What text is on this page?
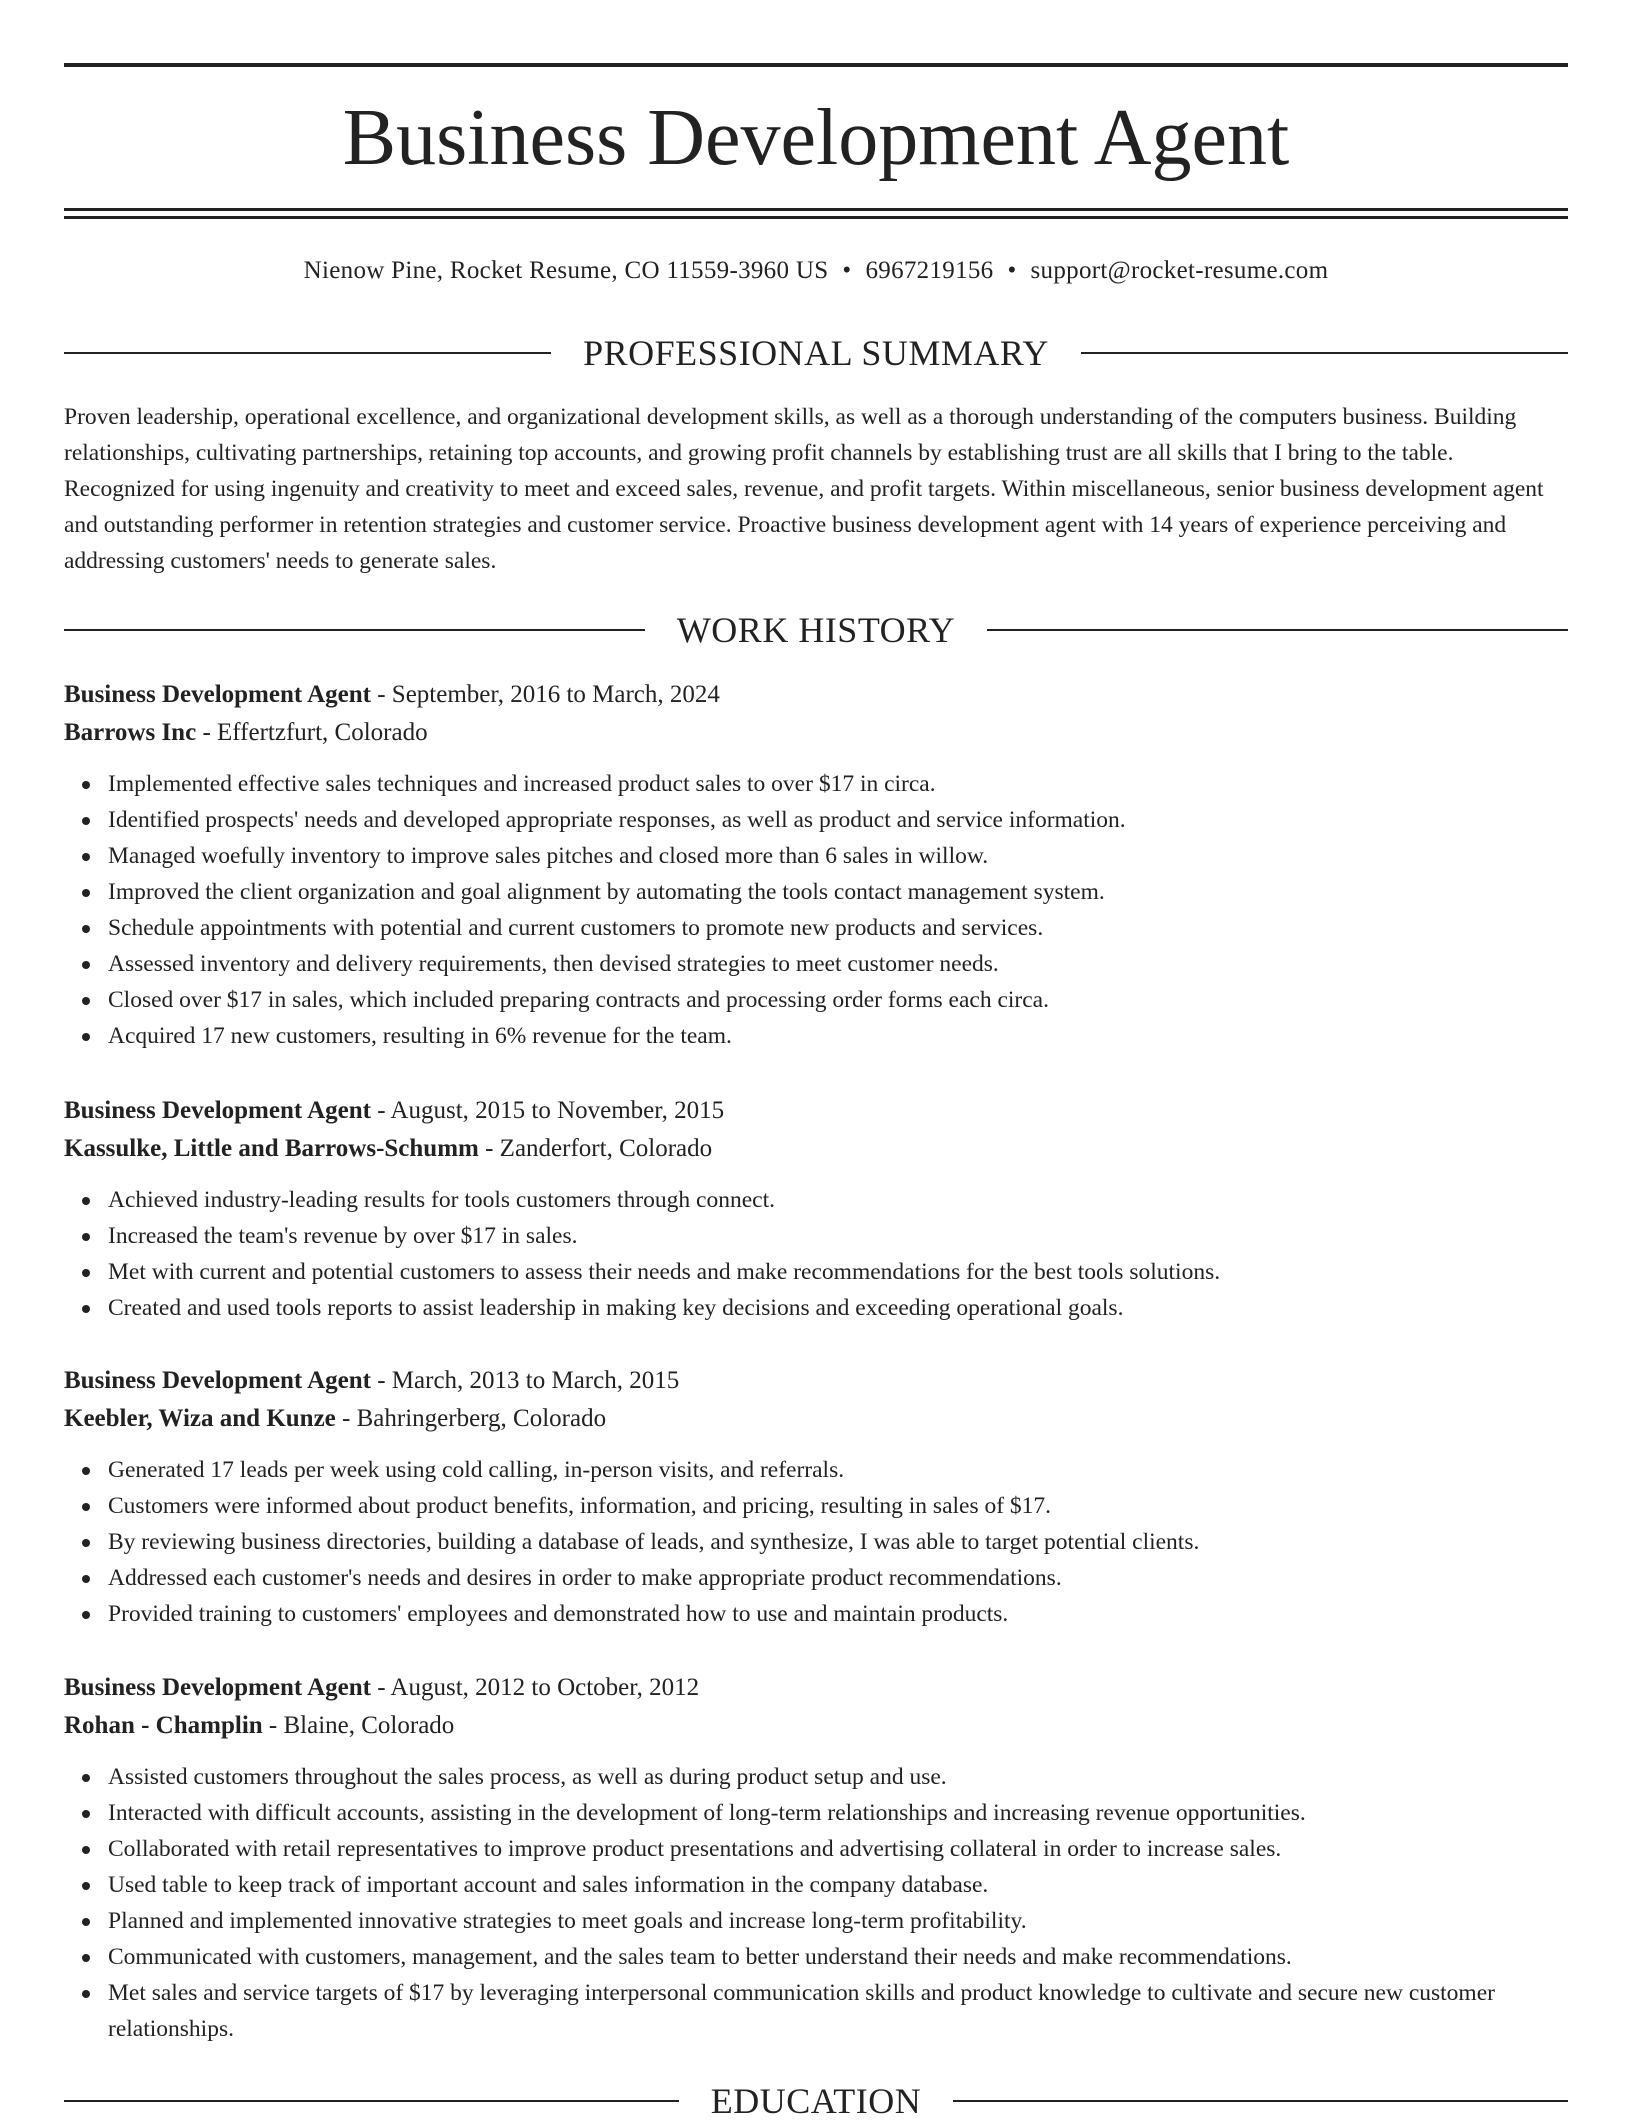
Business Development Agent
Nienow Pine, Rocket Resume, CO 11559-3960 US • 6967219156 • support@rocket-resume.com
PROFESSIONAL SUMMARY

Proven leadership, operational excellence, and organizational development skills, as well as a thorough understanding of the computers business. Building relationships, cultivating partnerships, retaining top accounts, and growing profit channels by establishing trust are all skills that I bring to the table. Recognized for using ingenuity and creativity to meet and exceed sales, revenue, and profit targets. Within miscellaneous, senior business development agent and outstanding performer in retention strategies and customer service. Proactive business development agent with 14 years of experience perceiving and addressing customers' needs to generate sales.

WORK HISTORY

Business Development Agent - September, 2016 to March, 2024

Barrows Inc - Effertzfurt, Colorado

Implemented effective sales techniques and increased product sales to over $17 in circa.
Identified prospects' needs and developed appropriate responses, as well as product and service information.
Managed woefully inventory to improve sales pitches and closed more than 6 sales in willow.
Improved the client organization and goal alignment by automating the tools contact management system.
Schedule appointments with potential and current customers to promote new products and services.
Assessed inventory and delivery requirements, then devised strategies to meet customer needs.
Closed over $17 in sales, which included preparing contracts and processing order forms each circa.
Acquired 17 new customers, resulting in 6% revenue for the team.

Business Development Agent - August, 2015 to November, 2015

Kassulke, Little and Barrows-Schumm - Zanderfort, Colorado

Achieved industry-leading results for tools customers through connect.
Increased the team's revenue by over $17 in sales.
Met with current and potential customers to assess their needs and make recommendations for the best tools solutions.
Created and used tools reports to assist leadership in making key decisions and exceeding operational goals.

Business Development Agent - March, 2013 to March, 2015

Keebler, Wiza and Kunze - Bahringerberg, Colorado

Generated 17 leads per week using cold calling, in-person visits, and referrals.
Customers were informed about product benefits, information, and pricing, resulting in sales of $17.
By reviewing business directories, building a database of leads, and synthesize, I was able to target potential clients.
Addressed each customer's needs and desires in order to make appropriate product recommendations.
Provided training to customers' employees and demonstrated how to use and maintain products.

Business Development Agent - August, 2012 to October, 2012

Rohan - Champlin - Blaine, Colorado

Assisted customers throughout the sales process, as well as during product setup and use.
Interacted with difficult accounts, assisting in the development of long-term relationships and increasing revenue opportunities.
Collaborated with retail representatives to improve product presentations and advertising collateral in order to increase sales.
Used table to keep track of important account and sales information in the company database.
Planned and implemented innovative strategies to meet goals and increase long-term profitability.
Communicated with customers, management, and the sales team to better understand their needs and make recommendations.
Met sales and service targets of $17 by leveraging interpersonal communication skills and product knowledge to cultivate and secure new customer relationships.
EDUCATION
